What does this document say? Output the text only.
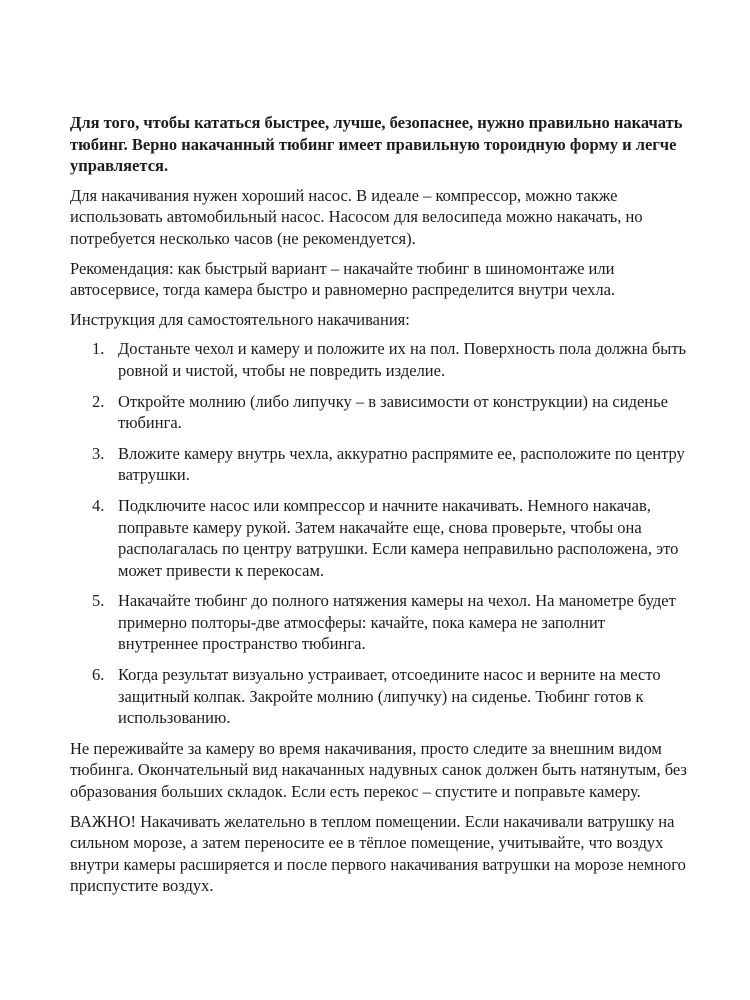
Для того, чтобы кататься быстрее, лучше, безопаснее, нужно правильно накачать тюбинг. Верно накачанный тюбинг имеет правильную тороидную форму и легче управляется.

Для накачивания нужен хороший насос. В идеале – компрессор, можно также использовать автомобильный насос. Насосом для велосипеда можно накачать, но потребуется несколько часов (не рекомендуется).

Рекомендация: как быстрый вариант – накачайте тюбинг в шиномонтаже или автосервисе, тогда камера быстро и равномерно распределится внутри чехла.

Инструкция для самостоятельного накачивания:

Достаньте чехол и камеру и положите их на пол. Поверхность пола должна быть ровной и чистой, чтобы не повредить изделие.
Откройте молнию (либо липучку – в зависимости от конструкции) на сиденье тюбинга.
Вложите камеру внутрь чехла, аккуратно распрямите ее, расположите по центру ватрушки.
Подключите насос или компрессор и начните накачивать. Немного накачав, поправьте камеру рукой. Затем накачайте еще, снова проверьте, чтобы она располагалась по центру ватрушки. Если камера неправильно расположена, это может привести к перекосам.
Накачайте тюбинг до полного натяжения камеры на чехол. На манометре будет примерно полторы-две атмосферы: качайте, пока камера не заполнит внутреннее пространство тюбинга.
Когда результат визуально устраивает, отсоедините насос и верните на место защитный колпак. Закройте молнию (липучку) на сиденье. Тюбинг готов к использованию.

Не переживайте за камеру во время накачивания, просто следите за внешним видом тюбинга. Окончательный вид накачанных надувных санок должен быть натянутым, без образования больших складок. Если есть перекос – спустите и поправьте камеру.

ВАЖНО! Накачивать желательно в теплом помещении. Если накачивали ватрушку на сильном морозе, а затем переносите ее в тёплое помещение, учитывайте, что воздух внутри камеры расширяется и после первого накачивания ватрушки на морозе немного приспустите воздух.
